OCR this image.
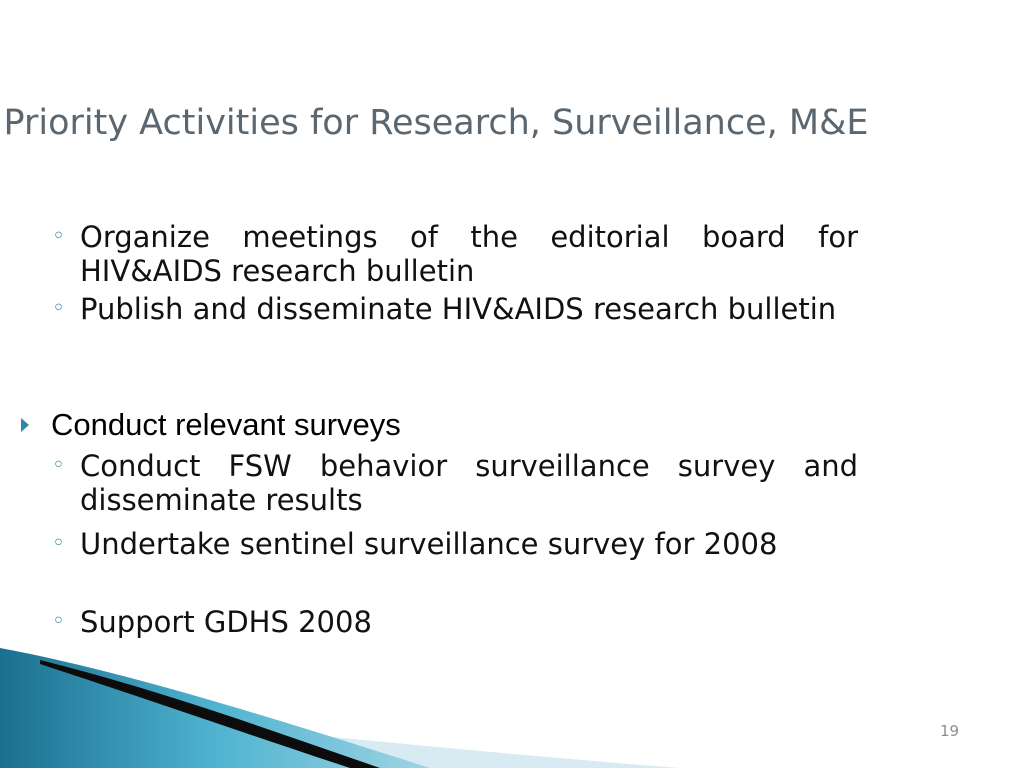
Priority Activities for Research, Surveillance, M&E

◦ Organize meetings of the editorial board for HIV&AIDS research bulletin

◦ Publish and disseminate HIV&AIDS research bulletin

Conduct relevant surveys

◦ Conduct FSW behavior surveillance survey and disseminate results

◦ Undertake sentinel surveillance survey for 2008

◦ Support GDHS 2008

19
